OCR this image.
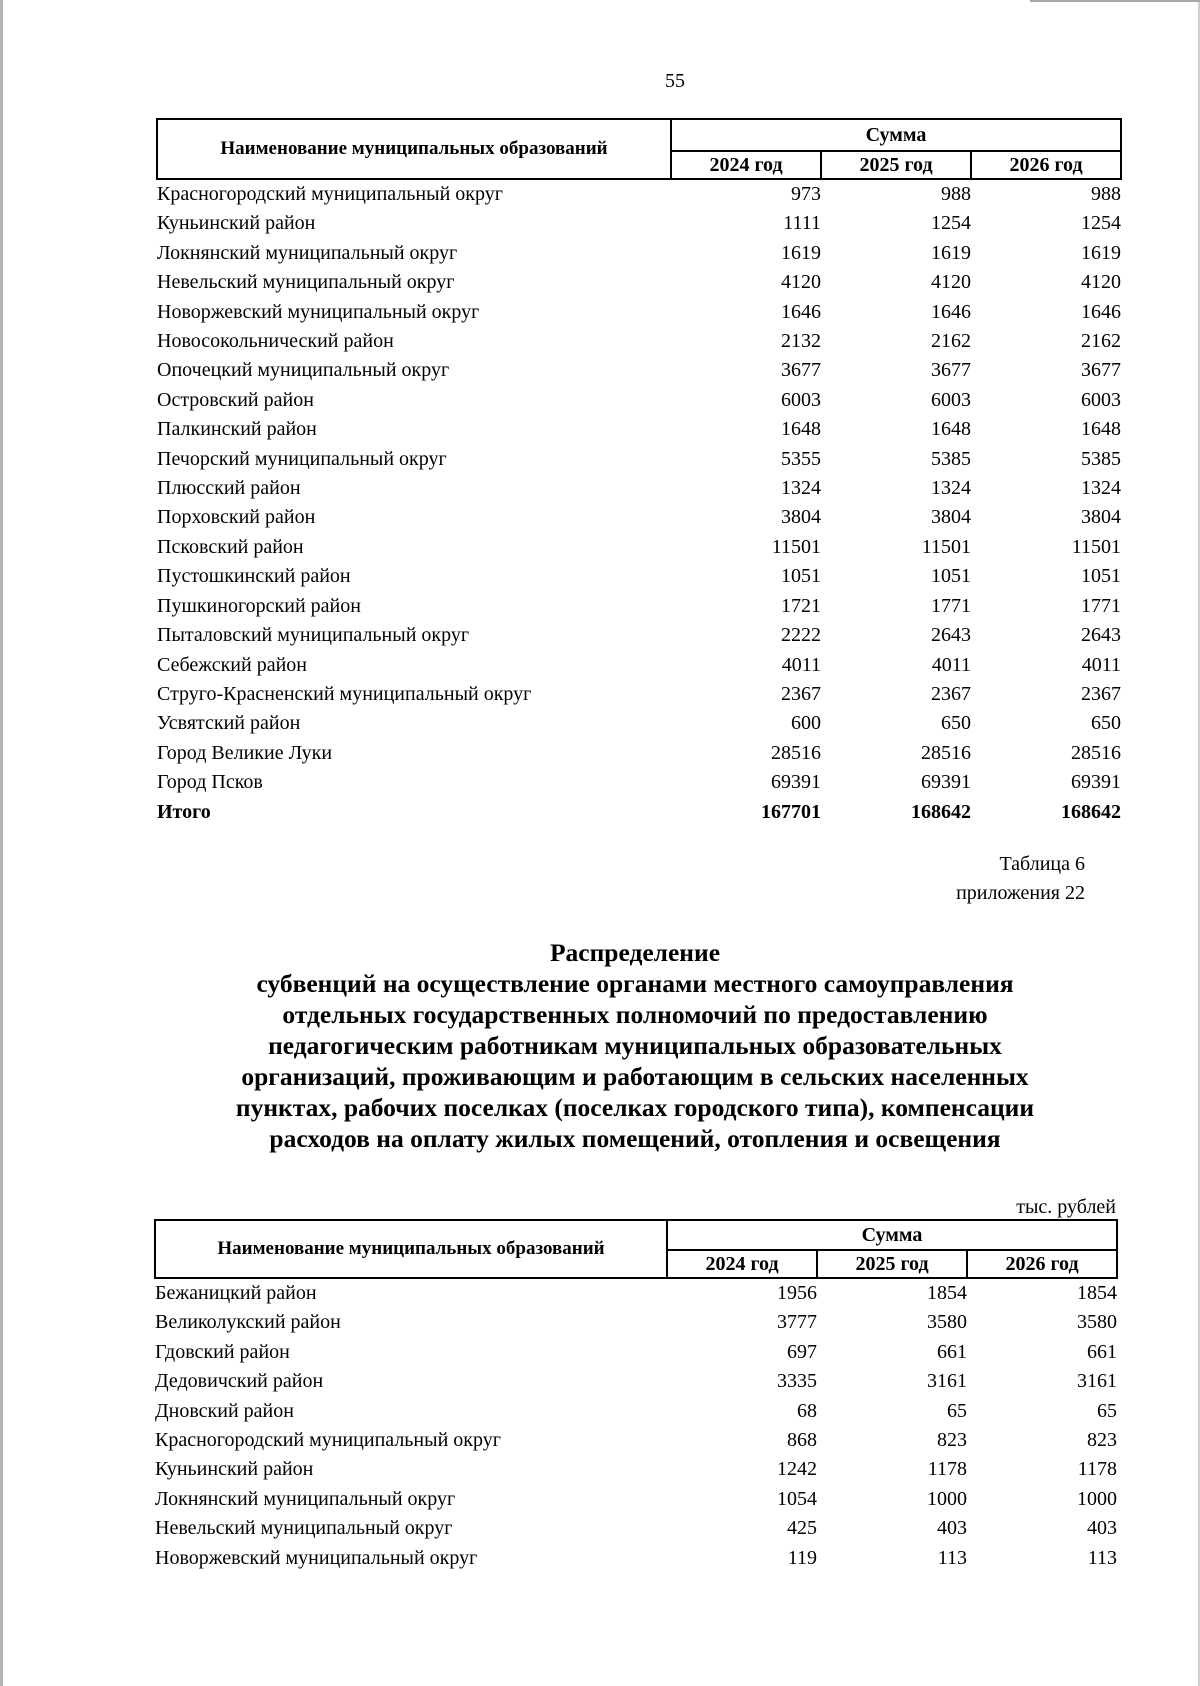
55
Наименование муниципальных образований	Сумма		
	2024 год	2025 год	2026 год
Красногородский муниципальный округ	973	988	988
Куньинский район	1111	1254	1254
Локнянский муниципальный округ	1619	1619	1619
Невельский муниципальный округ	4120	4120	4120
Новоржевский муниципальный округ	1646	1646	1646
Новосокольнический район	2132	2162	2162
Опочецкий муниципальный округ	3677	3677	3677
Островский район	6003	6003	6003
Палкинский район	1648	1648	1648
Печорский муниципальный округ	5355	5385	5385
Плюсский район	1324	1324	1324
Порховский район	3804	3804	3804
Псковский район	11501	11501	11501
Пустошкинский район	1051	1051	1051
Пушкиногорский район	1721	1771	1771
Пыталовский муниципальный округ	2222	2643	2643
Себежский район	4011	4011	4011
Струго-Красненский муниципальный округ	2367	2367	2367
Усвятский район	600	650	650
Город Великие Луки	28516	28516	28516
Город Псков	69391	69391	69391
Итого	167701	168642	168642
Таблица 6
приложения 22
Распределение
субвенций на осуществление органами местного самоуправления
отдельных государственных полномочий по предоставлению
педагогическим работникам муниципальных образовательных
организаций, проживающим и работающим в сельских населенных
пунктах, рабочих поселках (поселках городского типа), компенсации
расходов на оплату жилых помещений, отопления и освещения
тыс. рублей
Наименование муниципальных образований	Сумма		
	2024 год	2025 год	2026 год
Бежаницкий район	1956	1854	1854
Великолукский район	3777	3580	3580
Гдовский район	697	661	661
Дедовичский район	3335	3161	3161
Дновский район	68	65	65
Красногородский муниципальный округ	868	823	823
Куньинский район	1242	1178	1178
Локнянский муниципальный округ	1054	1000	1000
Невельский муниципальный округ	425	403	403
Новоржевский муниципальный округ	119	113	113
